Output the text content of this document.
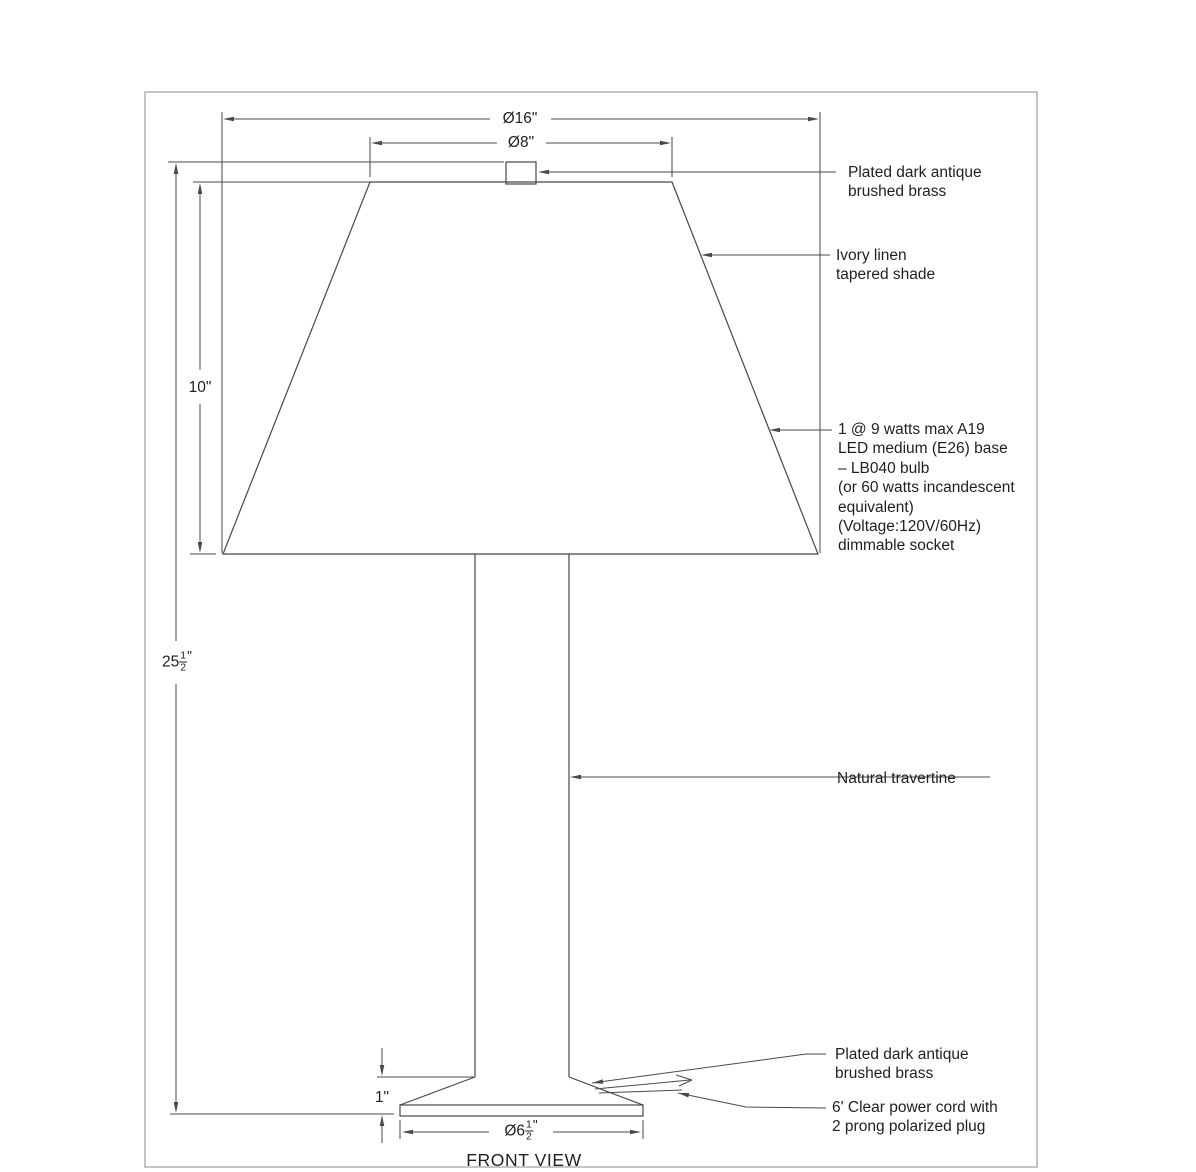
Ø16"
Ø8"
10"
$25 \frac{1}{2}$ "
1"
Ø6 $\frac{1}{2}$ "
Plated dark antique
brushed brass
Ivory linen
tapered shade
1 @ 9 watts max A19
LED medium (E26) base
– LB040 bulb
(or 60 watts incandescent
equivalent)
(Voltage:120V/60Hz)
dimmable socket
Natural travertine
Plated dark antique
brushed brass
6' Clear power cord with
2 prong polarized plug
FRONT VIEW
